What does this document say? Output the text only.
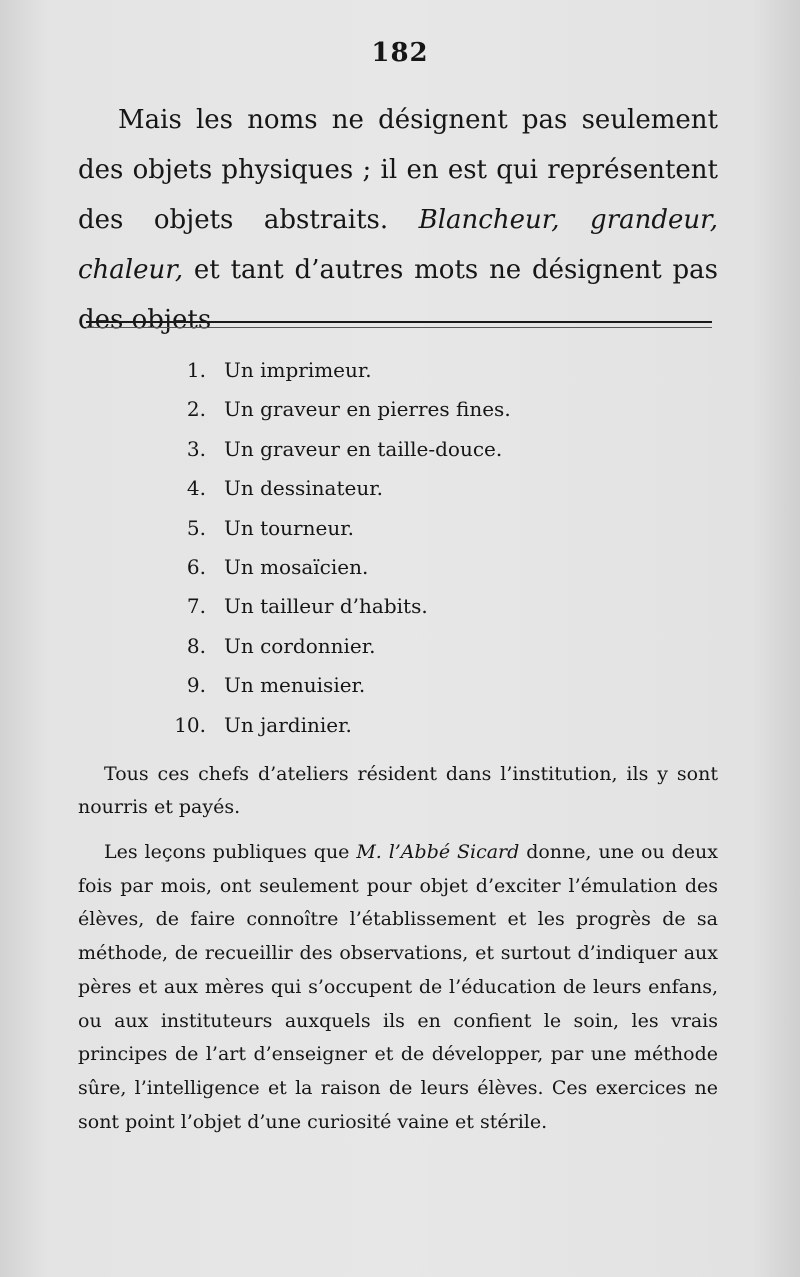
182

Mais les noms ne désignent pas seulement des objets physiques ; il en est qui représentent des objets abstraits. Blancheur, grandeur, chaleur, et tant d’autres mots ne désignent pas des objets

1. Un imprimeur.
2. Un graveur en pierres fines.
3. Un graveur en taille-douce.
4. Un dessinateur.
5. Un tourneur.
6. Un mosaïcien.
7. Un tailleur d’habits.
8. Un cordonnier.
9. Un menuisier.
10. Un jardinier.

Tous ces chefs d’ateliers résident dans l’institution, ils y sont nourris et payés.

Les leçons publiques que M. l’Abbé Sicard donne, une ou deux fois par mois, ont seulement pour objet d’exciter l’émulation des élèves, de faire connoître l’établissement et les progrès de sa méthode, de recueillir des observations, et surtout d’indiquer aux pères et aux mères qui s’occupent de l’éducation de leurs enfans, ou aux instituteurs auxquels ils en confient le soin, les vrais principes de l’art d’enseigner et de développer, par une méthode sûre, l’intelligence et la raison de leurs élèves. Ces exercices ne sont point l’objet d’une curiosité vaine et stérile.
